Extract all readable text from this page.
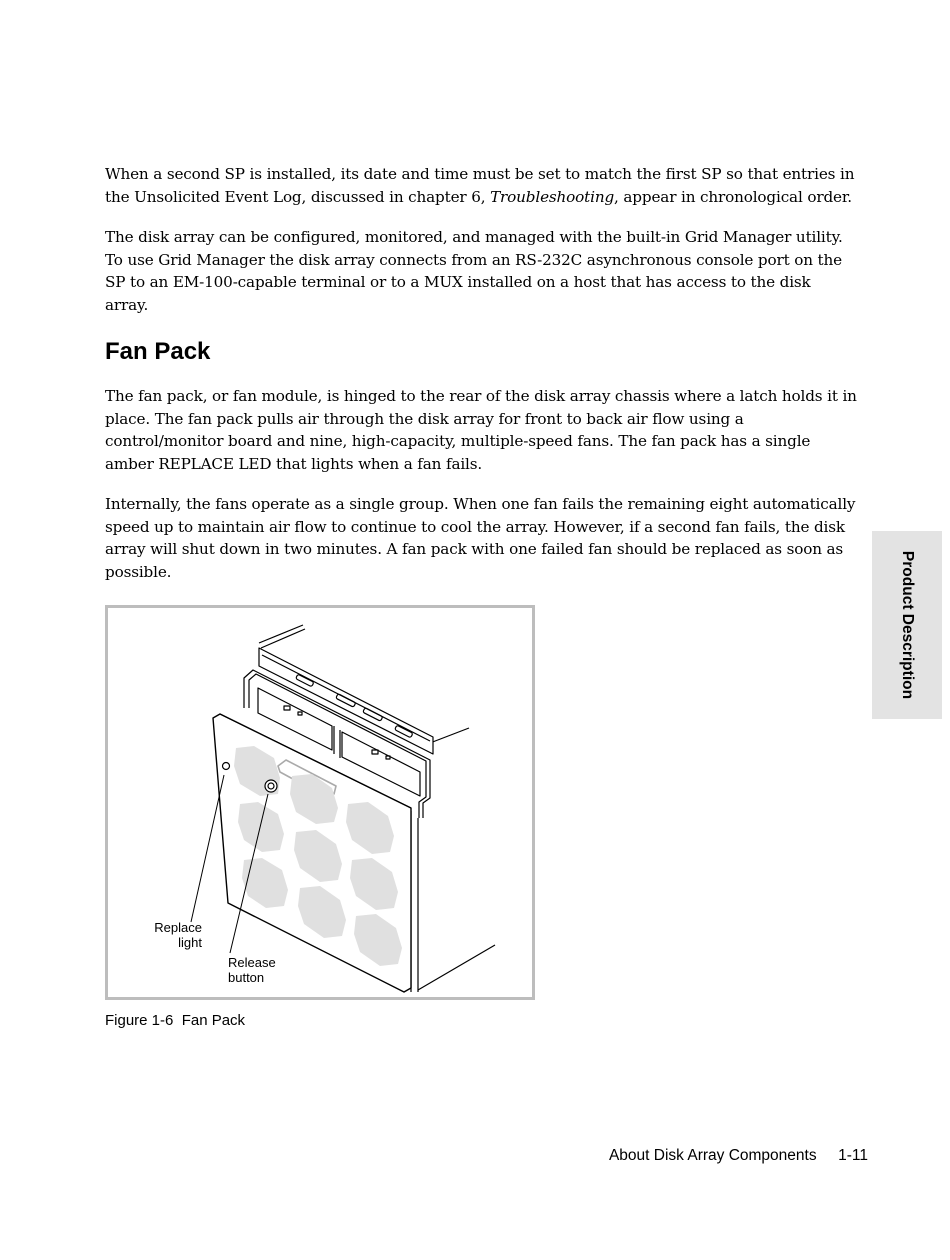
When a second SP is installed, its date and time must be set to match the first SP so that entries in the Unsolicited Event Log, discussed in chapter 6, Troubleshooting, appear in chronological order.

The disk array can be configured, monitored, and managed with the built-in Grid Manager utility. To use Grid Manager the disk array connects from an RS-232C asynchronous console port on the SP to an EM-100-capable terminal or to a MUX installed on a host that has access to the disk array.

Fan Pack

The fan pack, or fan module, is hinged to the rear of the disk array chassis where a latch holds it in place. The fan pack pulls air through the disk array for front to back air flow using a control/monitor board and nine, high-capacity, multiple-speed fans. The fan pack has a single amber REPLACE LED that lights when a fan fails.

Internally, the fans operate as a single group. When one fan fails the remaining eight automatically speed up to maintain air flow to continue to cool the array. However, if a second fan fails, the disk array will shut down in two minutes. A fan pack with one failed fan should be replaced as soon as possible.

Replace
light
Release
button
Figure 1-6  Fan Pack
Product Description
About Disk Array Components     1-11
